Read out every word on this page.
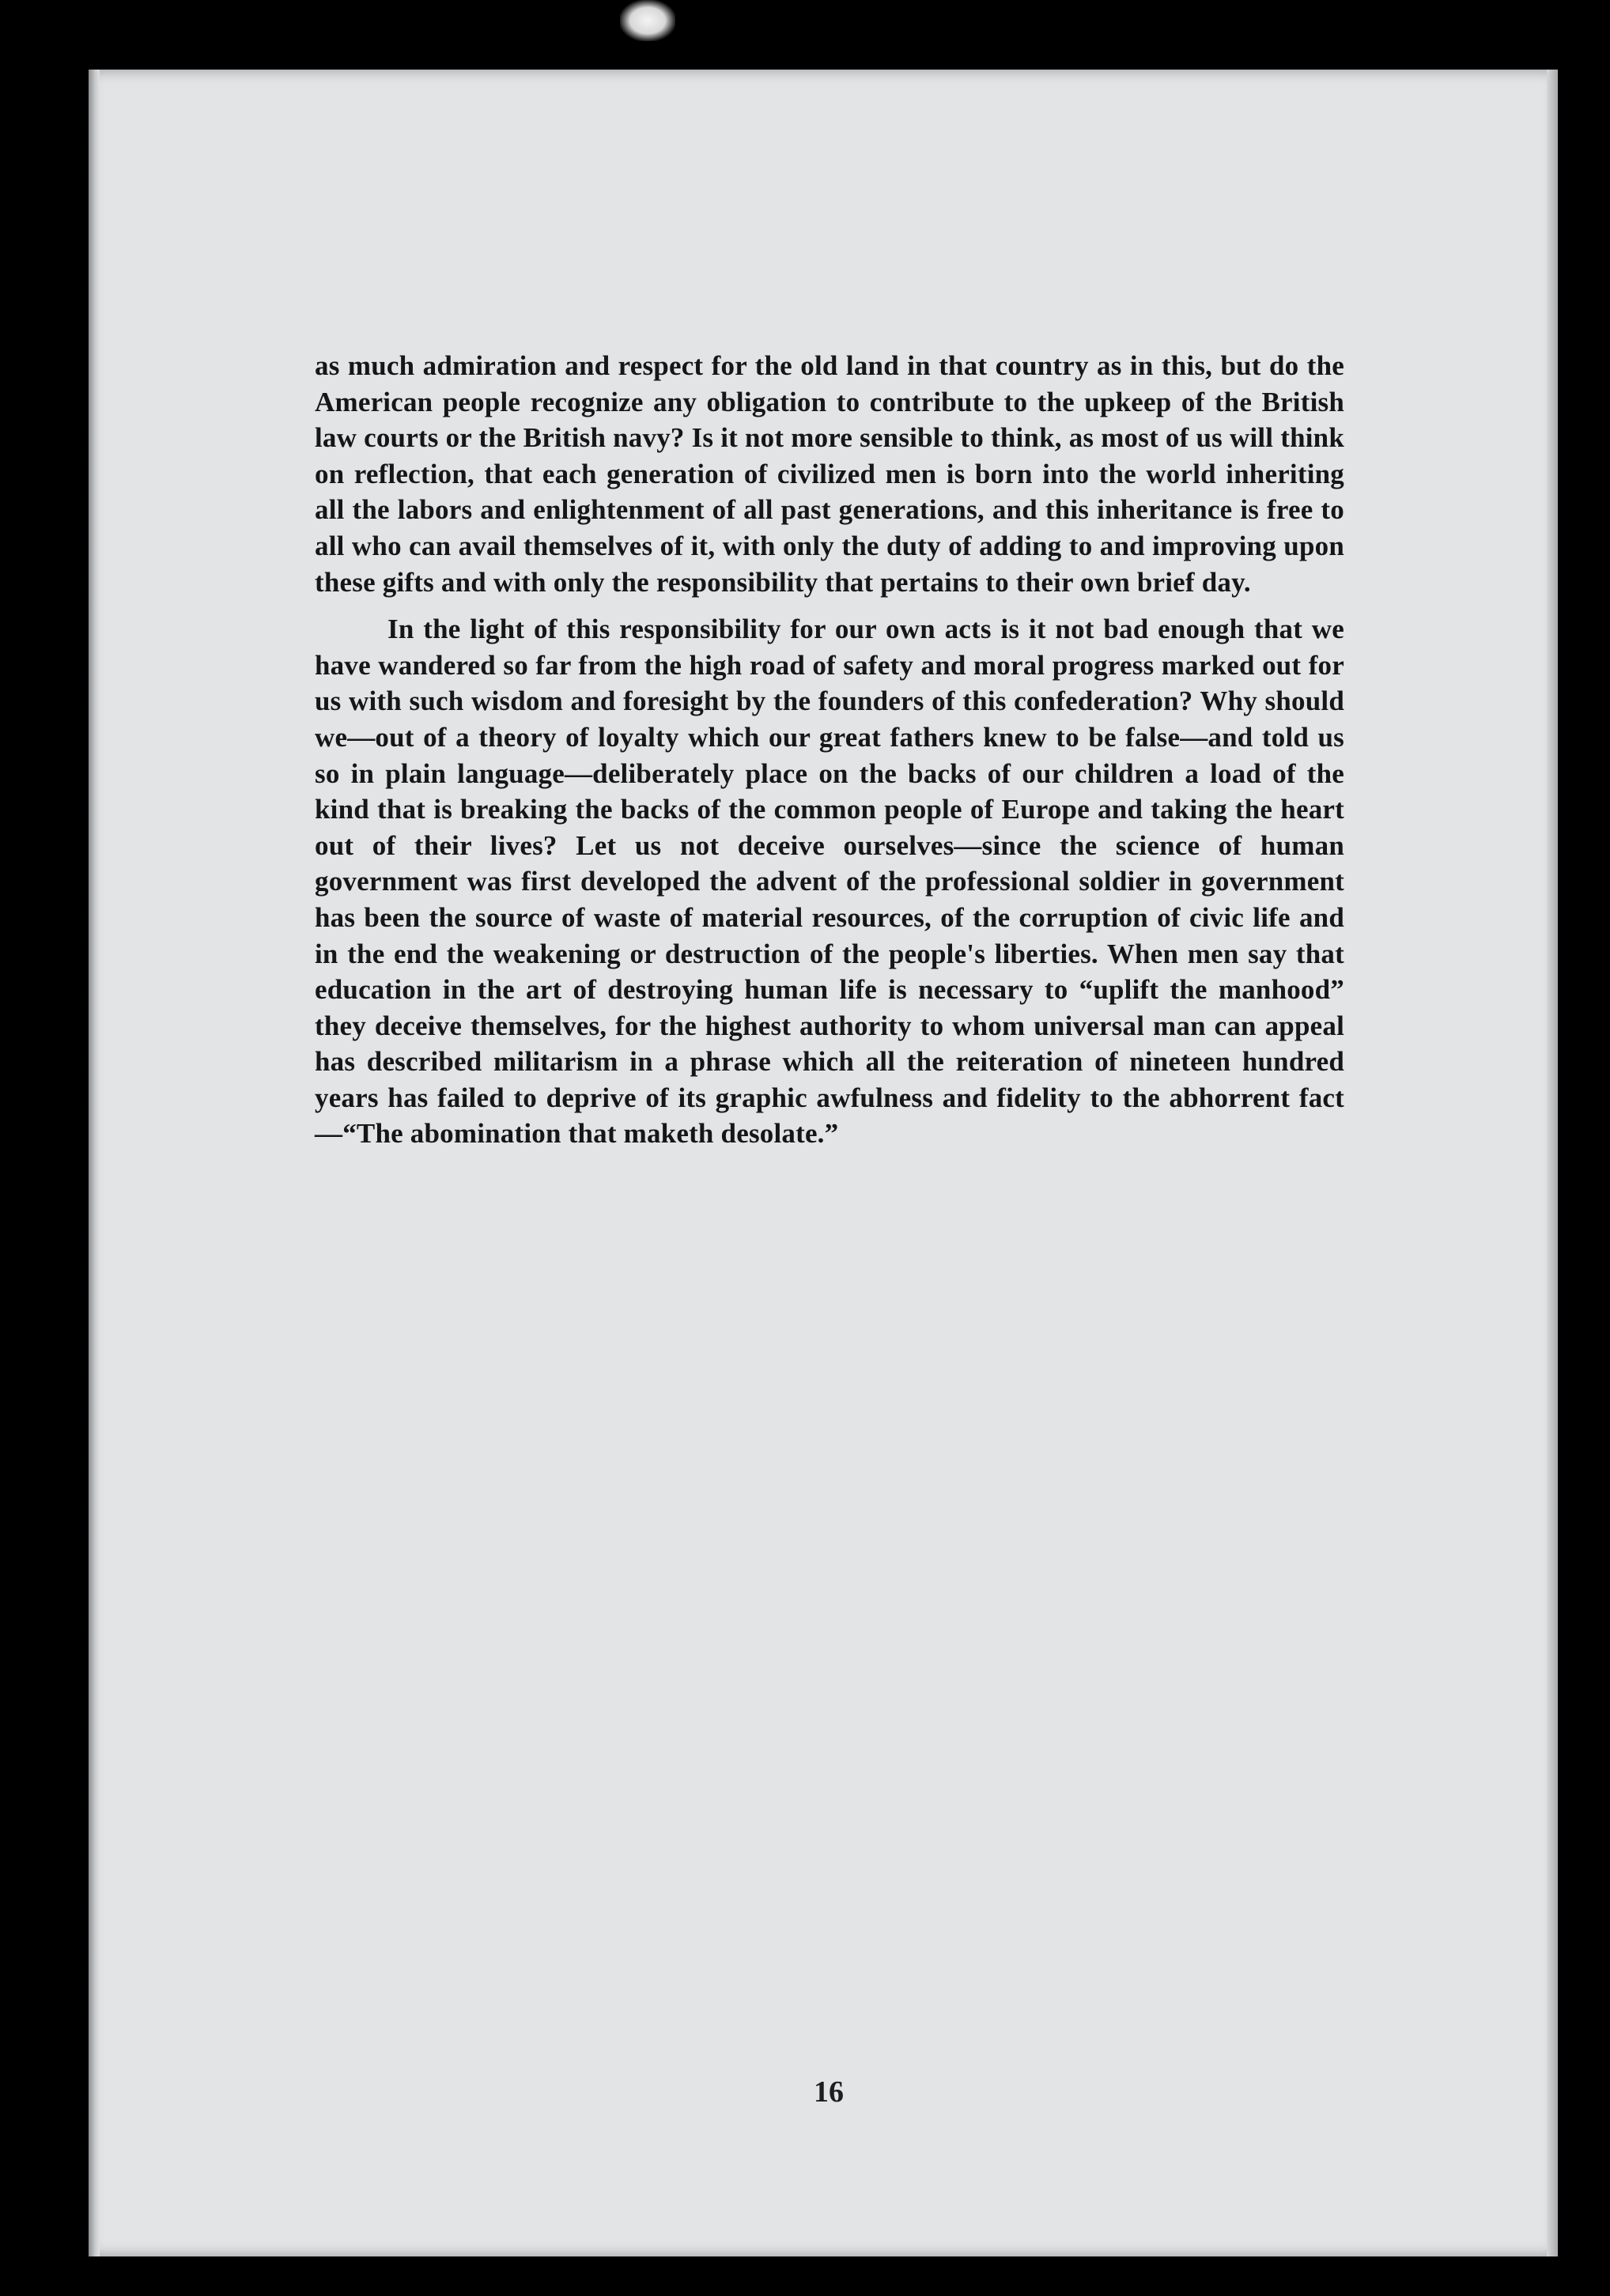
as much admiration and respect for the old land in that country as in this, but do the American people recognize any obligation to contribute to the upkeep of the British law courts or the British navy? Is it not more sensible to think, as most of us will think on reflection, that each generation of civilized men is born into the world inheriting all the labors and enlightenment of all past generations, and this inheritance is free to all who can avail themselves of it, with only the duty of adding to and improving upon these gifts and with only the responsibility that pertains to their own brief day.

In the light of this responsibility for our own acts is it not bad enough that we have wandered so far from the high road of safety and moral progress marked out for us with such wisdom and foresight by the founders of this confederation? Why should we—out of a theory of loyalty which our great fathers knew to be false—and told us so in plain language—deliberately place on the backs of our children a load of the kind that is breaking the backs of the common people of Europe and taking the heart out of their lives? Let us not deceive ourselves—since the science of human government was first developed the advent of the professional soldier in government has been the source of waste of material resources, of the corruption of civic life and in the end the weakening or destruction of the people's liberties. When men say that education in the art of destroying human life is necessary to “uplift the manhood” they deceive themselves, for the highest authority to whom universal man can appeal has described militarism in a phrase which all the reiteration of nineteen hundred years has failed to deprive of its graphic awfulness and fidelity to the abhorrent fact—“The abomination that maketh desolate.”

16
